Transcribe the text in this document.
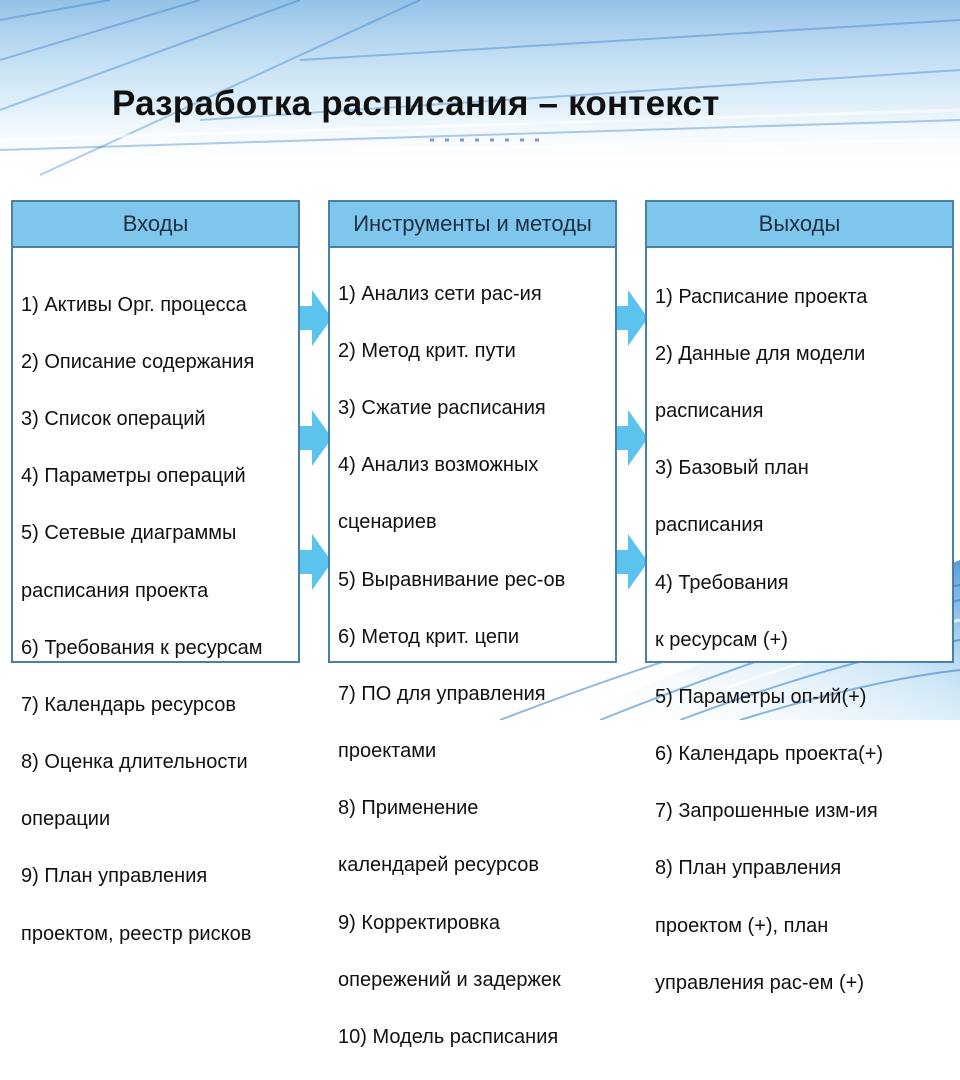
Разработка расписания – контекст
Входы

1) Активы Орг. процесса

2) Описание содержания

3) Список операций

4) Параметры операций

5) Сетевые диаграммы

расписания проекта

6) Требования к ресурсам

7) Календарь ресурсов

8) Оценка длительности

операции

9) План управления

проектом, реестр рисков

Инструменты и методы

1) Анализ сети рас-ия

2) Метод крит. пути

3) Сжатие расписания

4) Анализ возможных

сценариев

5) Выравнивание рес-ов

6) Метод крит. цепи

7) ПО для управления

проектами

8) Применение

календарей ресурсов

9) Корректировка

опережений и задержек

10) Модель расписания

Выходы

1) Расписание проекта

2) Данные для модели

расписания

3) Базовый план

расписания

4) Требования

к ресурсам (+)

5) Параметры оп-ий(+)

6) Календарь проекта(+)

7) Запрошенные изм-ия

8) План управления

проектом (+), план

управления рас-ем (+)
